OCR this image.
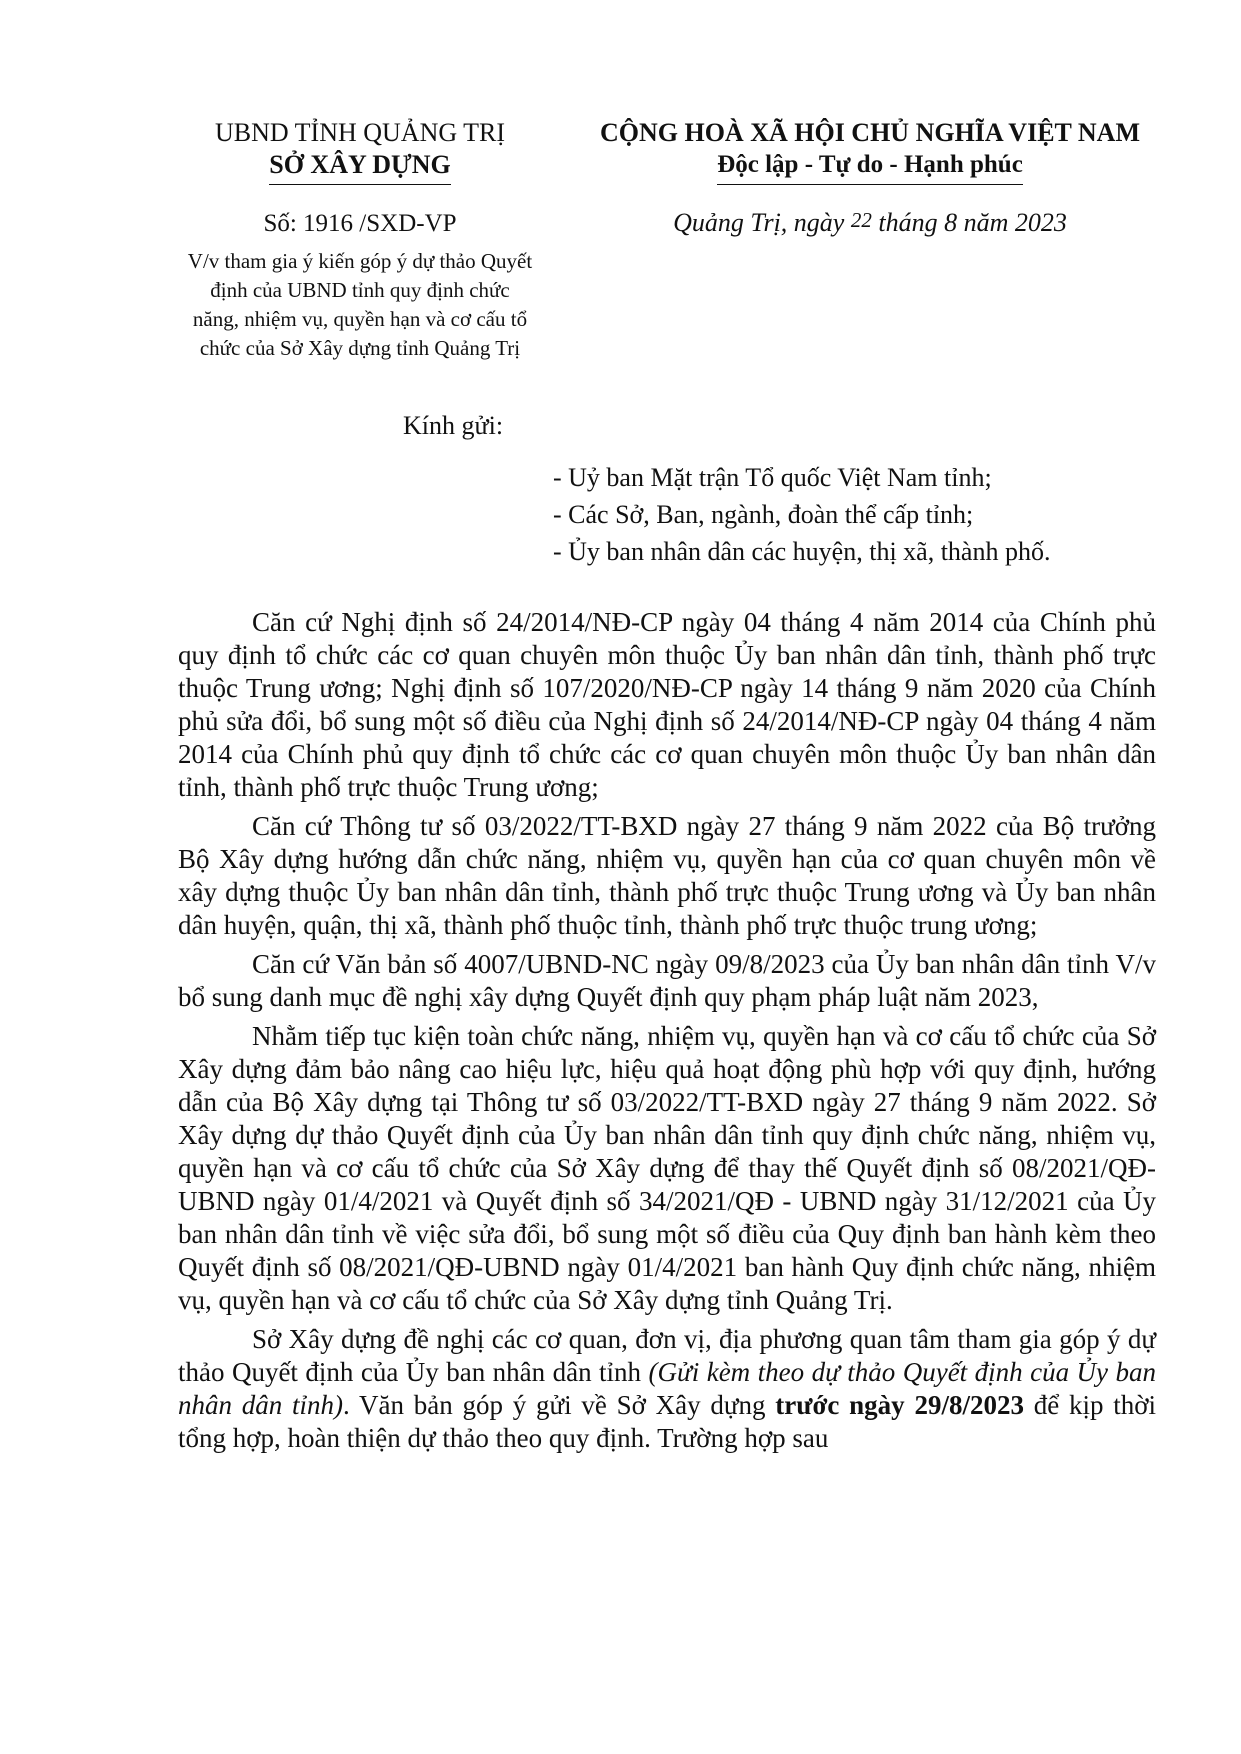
UBND TỈNH QUẢNG TRỊ
SỞ XÂY DỰNG
Số: 1916 /SXD-VP
V/v tham gia ý kiến góp ý dự thảo Quyết
định của UBND tỉnh quy định chức
năng, nhiệm vụ, quyền hạn và cơ cấu tổ
chức của Sở Xây dựng tỉnh Quảng Trị
CỘNG HOÀ XÃ HỘI CHỦ NGHĨA VIỆT NAM
Độc lập - Tự do - Hạnh phúc
Quảng Trị, ngày 22 tháng 8 năm 2023
Kính gửi:
- Uỷ ban Mặt trận Tổ quốc Việt Nam tỉnh;
- Các Sở, Ban, ngành, đoàn thể cấp tỉnh;
- Ủy ban nhân dân các huyện, thị xã, thành phố.

Căn cứ Nghị định số 24/2014/NĐ-CP ngày 04 tháng 4 năm 2014 của Chính phủ quy định tổ chức các cơ quan chuyên môn thuộc Ủy ban nhân dân tỉnh, thành phố trực thuộc Trung ương; Nghị định số 107/2020/NĐ-CP ngày 14 tháng 9 năm 2020 của Chính phủ sửa đổi, bổ sung một số điều của Nghị định số 24/2014/NĐ-CP ngày 04 tháng 4 năm 2014 của Chính phủ quy định tổ chức các cơ quan chuyên môn thuộc Ủy ban nhân dân tỉnh, thành phố trực thuộc Trung ương;

Căn cứ Thông tư số 03/2022/TT-BXD ngày 27 tháng 9 năm 2022 của Bộ trưởng Bộ Xây dựng hướng dẫn chức năng, nhiệm vụ, quyền hạn của cơ quan chuyên môn về xây dựng thuộc Ủy ban nhân dân tỉnh, thành phố trực thuộc Trung ương và Ủy ban nhân dân huyện, quận, thị xã, thành phố thuộc tỉnh, thành phố trực thuộc trung ương;

Căn cứ Văn bản số 4007/UBND-NC ngày 09/8/2023 của Ủy ban nhân dân tỉnh V/v bổ sung danh mục đề nghị xây dựng Quyết định quy phạm pháp luật năm 2023,

Nhằm tiếp tục kiện toàn chức năng, nhiệm vụ, quyền hạn và cơ cấu tổ chức của Sở Xây dựng đảm bảo nâng cao hiệu lực, hiệu quả hoạt động phù hợp với quy định, hướng dẫn của Bộ Xây dựng tại Thông tư số 03/2022/TT-BXD ngày 27 tháng 9 năm 2022. Sở Xây dựng dự thảo Quyết định của Ủy ban nhân dân tỉnh quy định chức năng, nhiệm vụ, quyền hạn và cơ cấu tổ chức của Sở Xây dựng để thay thế Quyết định số 08/2021/QĐ-UBND ngày 01/4/2021 và Quyết định số 34/2021/QĐ - UBND ngày 31/12/2021 của Ủy ban nhân dân tỉnh về việc sửa đổi, bổ sung một số điều của Quy định ban hành kèm theo Quyết định số 08/2021/QĐ-UBND ngày 01/4/2021 ban hành Quy định chức năng, nhiệm vụ, quyền hạn và cơ cấu tổ chức của Sở Xây dựng tỉnh Quảng Trị.

Sở Xây dựng đề nghị các cơ quan, đơn vị, địa phương quan tâm tham gia góp ý dự thảo Quyết định của Ủy ban nhân dân tỉnh (Gửi kèm theo dự thảo Quyết định của Ủy ban nhân dân tỉnh). Văn bản góp ý gửi về Sở Xây dựng trước ngày 29/8/2023 để kịp thời tổng hợp, hoàn thiện dự thảo theo quy định. Trường hợp sau
